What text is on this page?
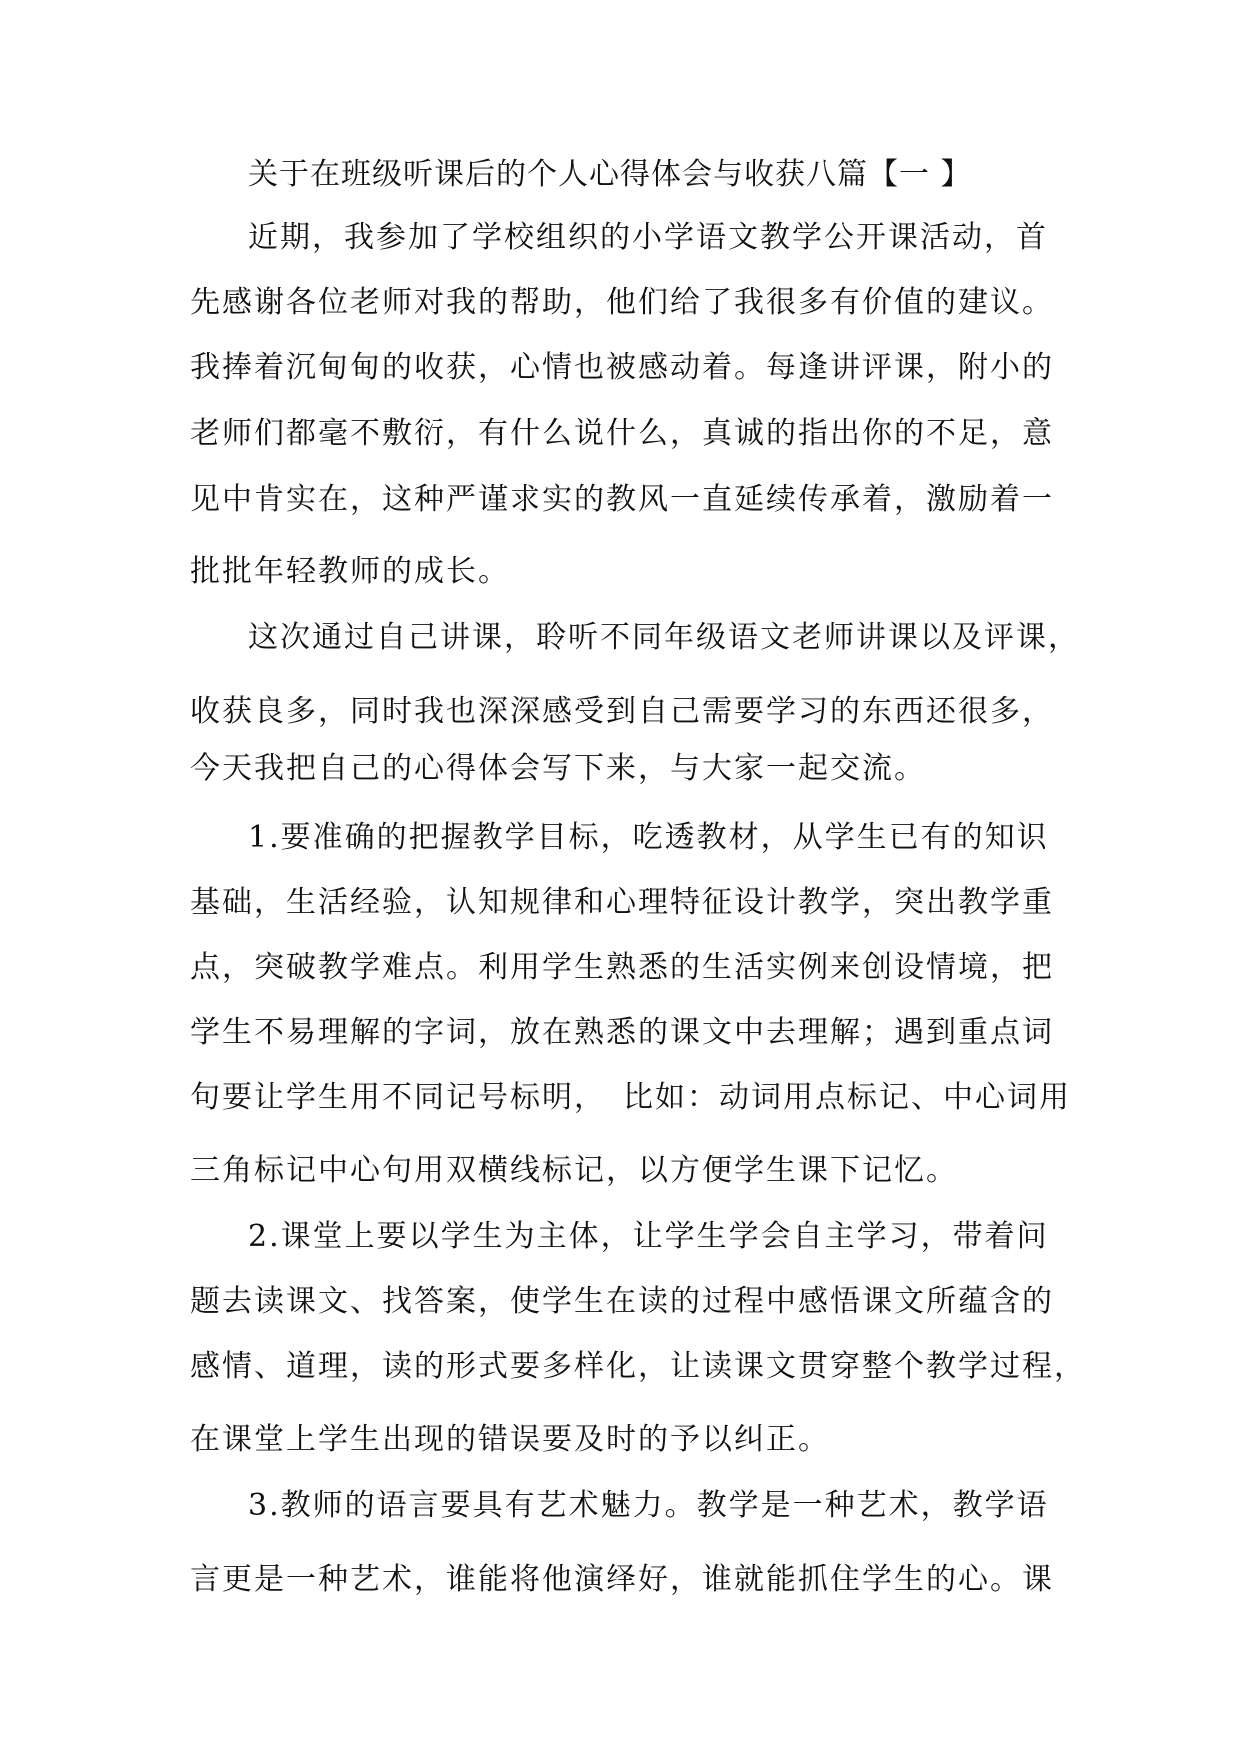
关于在班级听课后的个人心得体会与收获八篇【一 】
近期，我参加了学校组织的小学语文教学公开课活动，首
先感谢各位老师对我的帮助，他们给了我很多有价值的建议。
我捧着沉甸甸的收获，心情也被感动着。每逢讲评课，附小的
老师们都毫不敷衍，有什么说什么，真诚的指出你的不足，意
见中肯实在，这种严谨求实的教风一直延续传承着，激励着一
批批年轻教师的成长。
这次通过自己讲课，聆听不同年级语文老师讲课以及评课，
收获良多，同时我也深深感受到自己需要学习的东西还很多，
今天我把自己的心得体会写下来，与大家一起交流。
1.要准确的把握教学目标，吃透教材，从学生已有的知识
基础，生活经验，认知规律和心理特征设计教学，突出教学重
点，突破教学难点。利用学生熟悉的生活实例来创设情境，把
学生不易理解的字词，放在熟悉的课文中去理解；遇到重点词
句要让学生用不同记号标明，　比如：动词用点标记、中心词用
三角标记中心句用双横线标记，以方便学生课下记忆。
2.课堂上要以学生为主体，让学生学会自主学习，带着问
题去读课文、找答案，使学生在读的过程中感悟课文所蕴含的
感情、道理，读的形式要多样化，让读课文贯穿整个教学过程，
在课堂上学生出现的错误要及时的予以纠正。
3.教师的语言要具有艺术魅力。教学是一种艺术，教学语
言更是一种艺术，谁能将他演绎好，谁就能抓住学生的心。课
